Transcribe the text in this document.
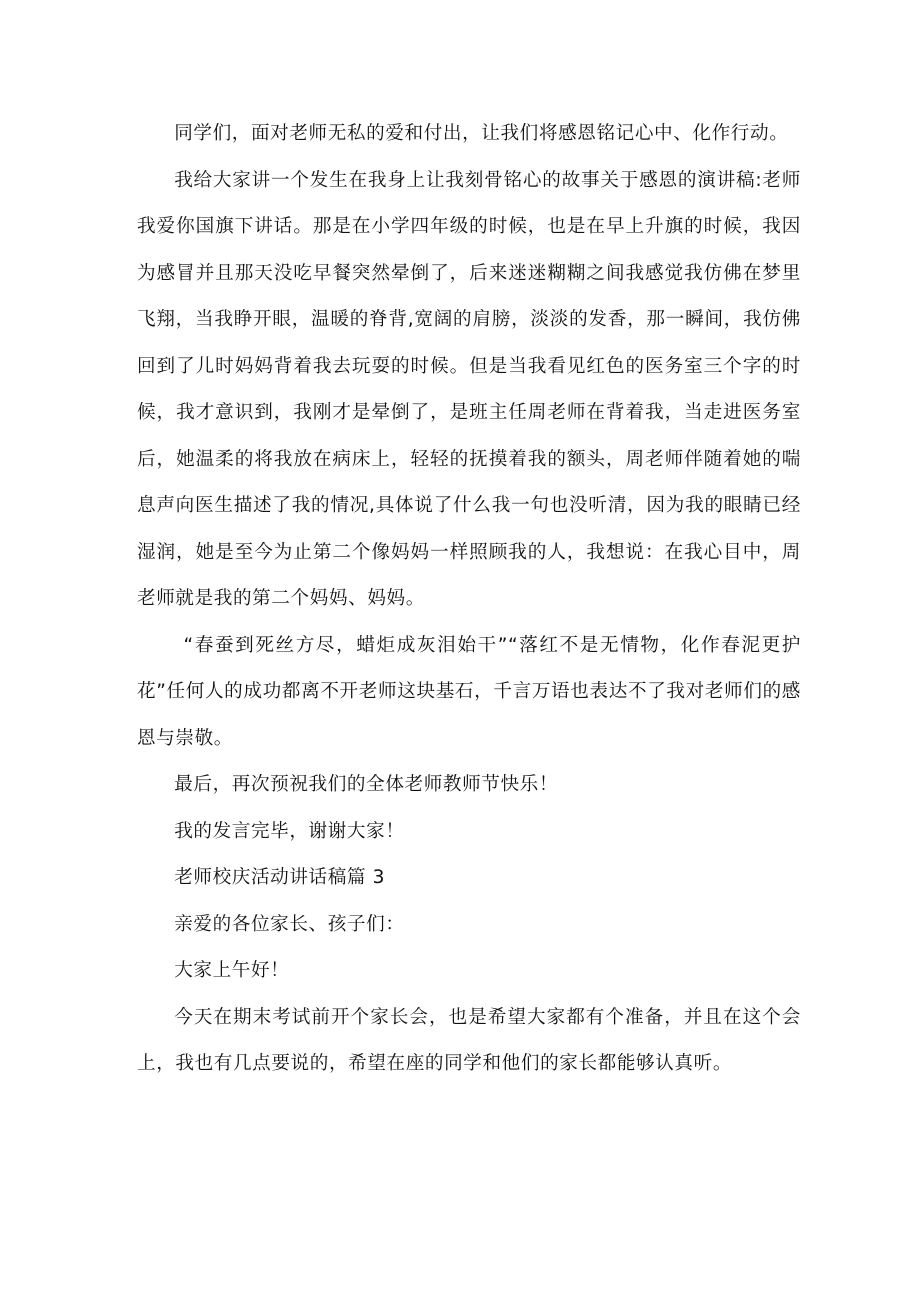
同学们，面对老师无私的爱和付出，让我们将感恩铭记心中、化作行动。

我给大家讲一个发生在我身上让我刻骨铭心的故事关于感恩的演讲稿:老师我爱你国旗下讲话。那是在小学四年级的时候，也是在早上升旗的时候，我因为感冒并且那天没吃早餐突然晕倒了，后来迷迷糊糊之间我感觉我仿佛在梦里飞翔，当我睁开眼，温暖的脊背,宽阔的肩膀，淡淡的发香，那一瞬间，我仿佛回到了儿时妈妈背着我去玩耍的时候。但是当我看见红色的医务室三个字的时候，我才意识到，我刚才是晕倒了，是班主任周老师在背着我，当走进医务室后，她温柔的将我放在病床上，轻轻的抚摸着我的额头，周老师伴随着她的喘息声向医生描述了我的情况,具体说了什么我一句也没听清，因为我的眼睛已经湿润，她是至今为止第二个像妈妈一样照顾我的人，我想说：在我心目中，周老师就是我的第二个妈妈、妈妈。

“春蚕到死丝方尽，蜡炬成灰泪始干”“落红不是无情物，化作春泥更护花”任何人的成功都离不开老师这块基石，千言万语也表达不了我对老师们的感恩与崇敬。

最后，再次预祝我们的全体老师教师节快乐！

我的发言完毕，谢谢大家！

老师校庆活动讲话稿篇 3

亲爱的各位家长、孩子们：

大家上午好！

今天在期末考试前开个家长会，也是希望大家都有个准备，并且在这个会上，我也有几点要说的，希望在座的同学和他们的家长都能够认真听。
